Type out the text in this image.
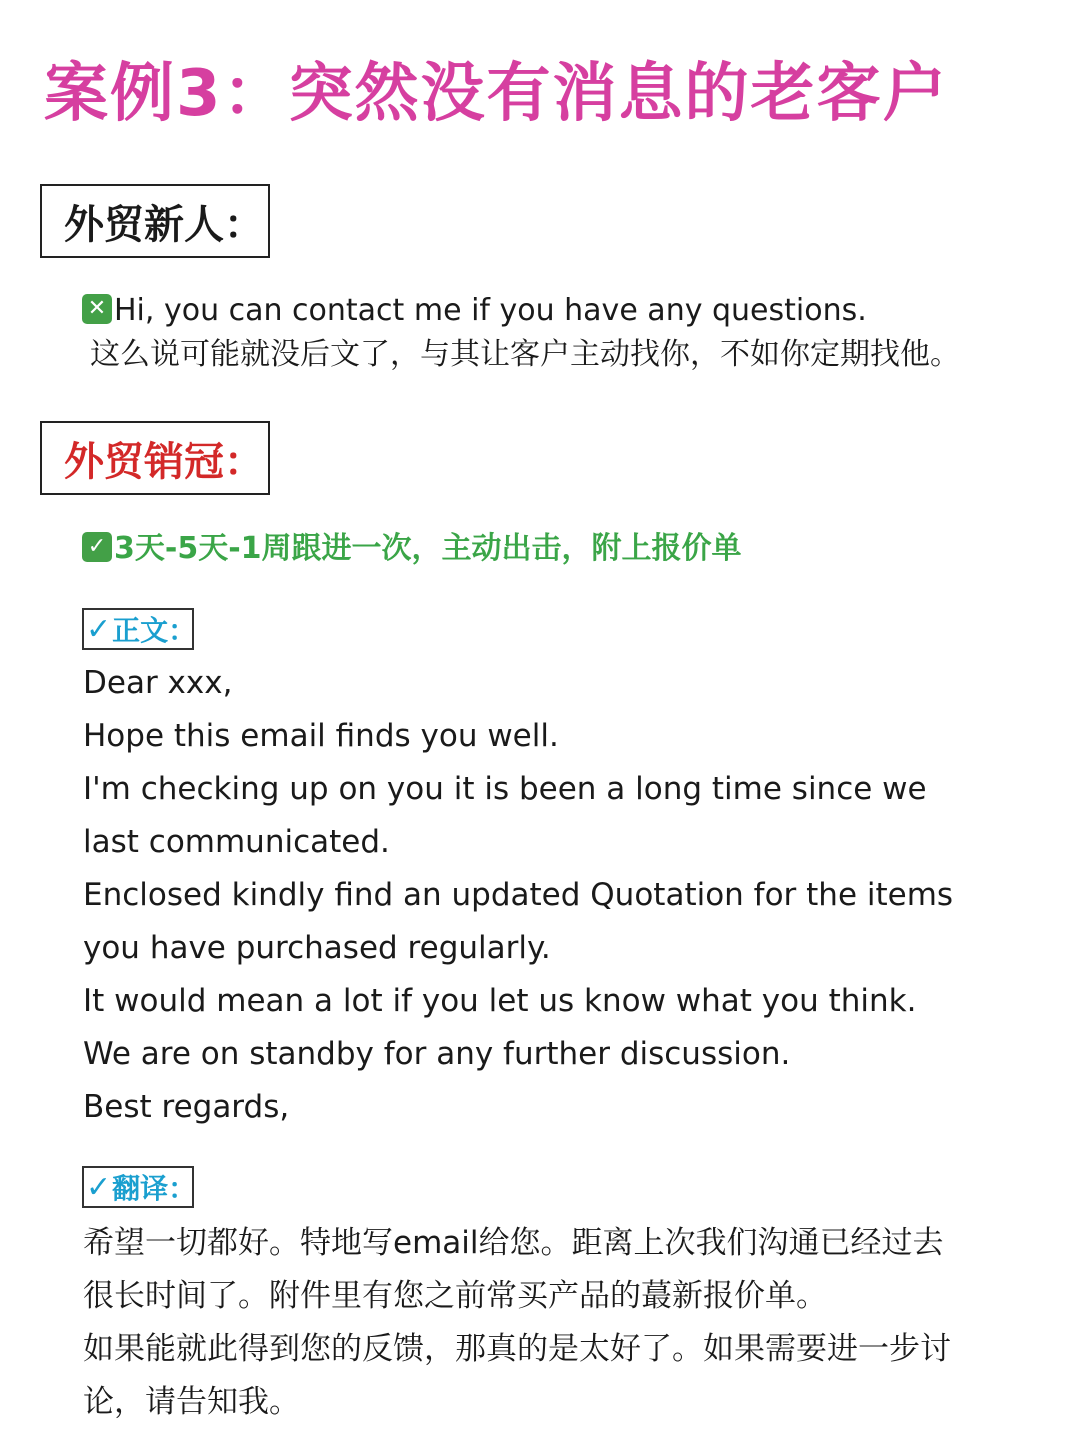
案例3：突然没有消息的老客户
外贸新人：
✕ Hi, you can contact me if you have any questions.
这么说可能就没后文了，与其让客户主动找你，不如你定期找他。
外贸销冠：
✓ 3天-5天-1周跟进一次，主动出击，附上报价单
✓ 正文：
Dear xxx,
Hope this email finds you well.
I'm checking up on you it is been a long time since we last communicated.
Enclosed kindly find an updated Quotation for the items you have purchased regularly.
It would mean a lot if you let us know what you think. We are on standby for any further discussion.
Best regards,
✓ 翻译：
希望一切都好。特地写email给您。距离上次我们沟通已经过去很长时间了。附件里有您之前常买产品的蕞新报价单。
如果能就此得到您的反馈，那真的是太好了。如果需要进一步讨论，请告知我。
